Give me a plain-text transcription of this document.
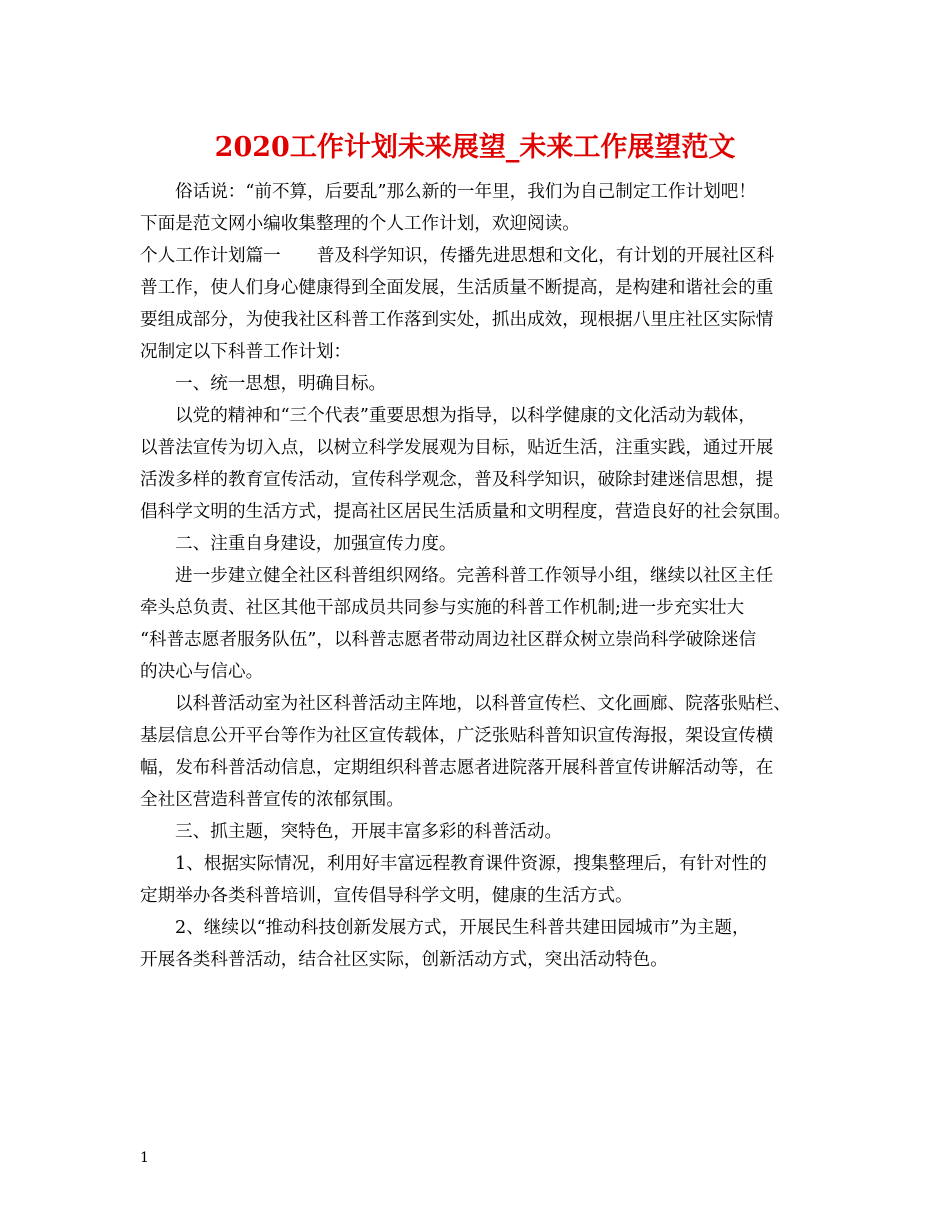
2020工作计划未来展望_未来工作展望范文
俗话说：“前不算，后要乱”那么新的一年里，我们为自己制定工作计划吧！
下面是范文网小编收集整理的个人工作计划，欢迎阅读。
个人工作计划篇一 普及科学知识，传播先进思想和文化，有计划的开展社区科
普工作，使人们身心健康得到全面发展，生活质量不断提高，是构建和谐社会的重
要组成部分，为使我社区科普工作落到实处，抓出成效，现根据八里庄社区实际情
况制定以下科普工作计划：
一、统一思想，明确目标。
以党的精神和“三个代表”重要思想为指导，以科学健康的文化活动为载体，
以普法宣传为切入点，以树立科学发展观为目标，贴近生活，注重实践，通过开展
活泼多样的教育宣传活动，宣传科学观念，普及科学知识，破除封建迷信思想，提
倡科学文明的生活方式，提高社区居民生活质量和文明程度，营造良好的社会氛围。
二、注重自身建设，加强宣传力度。
进一步建立健全社区科普组织网络。完善科普工作领导小组，继续以社区主任
牵头总负责、社区其他干部成员共同参与实施的科普工作机制;进一步充实壮大
“科普志愿者服务队伍”，以科普志愿者带动周边社区群众树立崇尚科学破除迷信
的决心与信心。
以科普活动室为社区科普活动主阵地，以科普宣传栏、文化画廊、院落张贴栏、
基层信息公开平台等作为社区宣传载体，广泛张贴科普知识宣传海报，架设宣传横
幅，发布科普活动信息，定期组织科普志愿者进院落开展科普宣传讲解活动等，在
全社区营造科普宣传的浓郁氛围。
三、抓主题，突特色，开展丰富多彩的科普活动。
1、根据实际情况，利用好丰富远程教育课件资源，搜集整理后，有针对性的
定期举办各类科普培训，宣传倡导科学文明，健康的生活方式。
2、继续以“推动科技创新发展方式，开展民生科普共建田园城市”为主题，
开展各类科普活动，结合社区实际，创新活动方式，突出活动特色。
1
